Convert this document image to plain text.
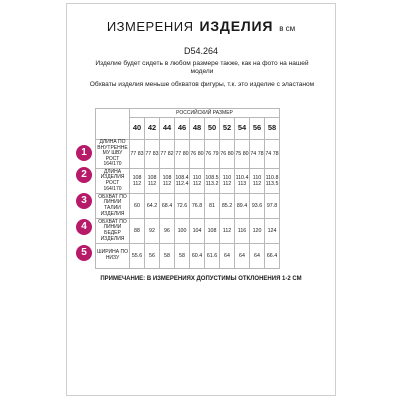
ИЗМЕРЕНИЯ ИЗДЕЛИЯ в см
D54.264
Изделие будет сидеть в любом размере также, как на фото на нашей модели
Обхваты изделия меньше обхватов фигуры, т.к. это изделие с эластаном
	РОССИЙСКИЙ РАЗМЕР									
	40	42	44	46	48	50	52	54	56	58
ДЛИНА ПО ВНУТРЕННЕ МУ ШВУ РОСТ 164/170	77 83	77 83	77 82	77 80	76 80	76 79	76 80	75 80	74 78	74 78
ДЛИНА ИЗДЕЛИЯ РОСТ 164/170	108 112	108 112	108 112	108.4 112.4	110 112	108.5 113.2	110 112	110.4 113	110 112	110.8 113.5
ОБХВАТ ПО ЛИНИИ ТАЛИИ ИЗДЕЛИЯ	60	64.2	68.4	72.6	76.8	81	85.2	89.4	93.6	97.8
ОБХВАТ ПО ЛИНИИ БЕДЕР ИЗДЕЛИЯ	88	92	96	100	104	108	112	116	120	124
ШИРИНА ПО НИЗУ	55.6	56	58	58	60.4	61.6	64	64	64	66.4
1
2
3
4
5
ПРИМЕЧАНИЕ: В ИЗМЕРЕНИЯХ ДОПУСТИМЫ ОТКЛОНЕНИЯ 1-2 СМ
